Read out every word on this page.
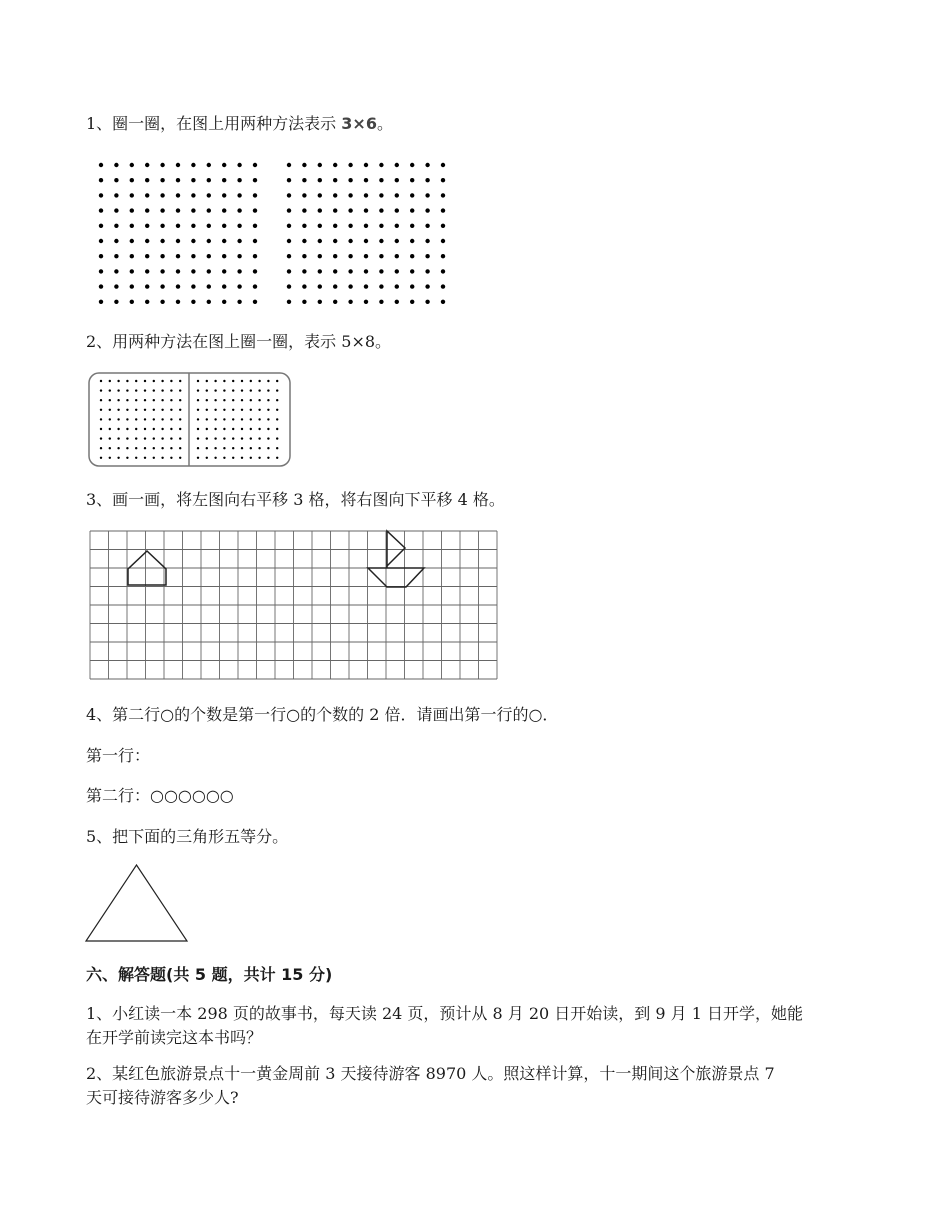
1、圈一圈，在图上用两种方法表示 3×6。
2、用两种方法在图上圈一圈，表示 5×8。
3、画一画，将左图向右平移 3 格，将右图向下平移 4 格。
4、第二行○的个数是第一行○的个数的 2 倍．请画出第一行的○．
第一行：
第二行：○○○○○○
5、把下面的三角形五等分。
六、解答题(共 5 题，共计 15 分)
1、小红读一本 298 页的故事书，每天读 24 页，预计从 8 月 20 日开始读，到 9 月 1 日开学，她能
在开学前读完这本书吗？
2、某红色旅游景点十一黄金周前 3 天接待游客 8970 人。照这样计算，十一期间这个旅游景点 7
天可接待游客多少人?
